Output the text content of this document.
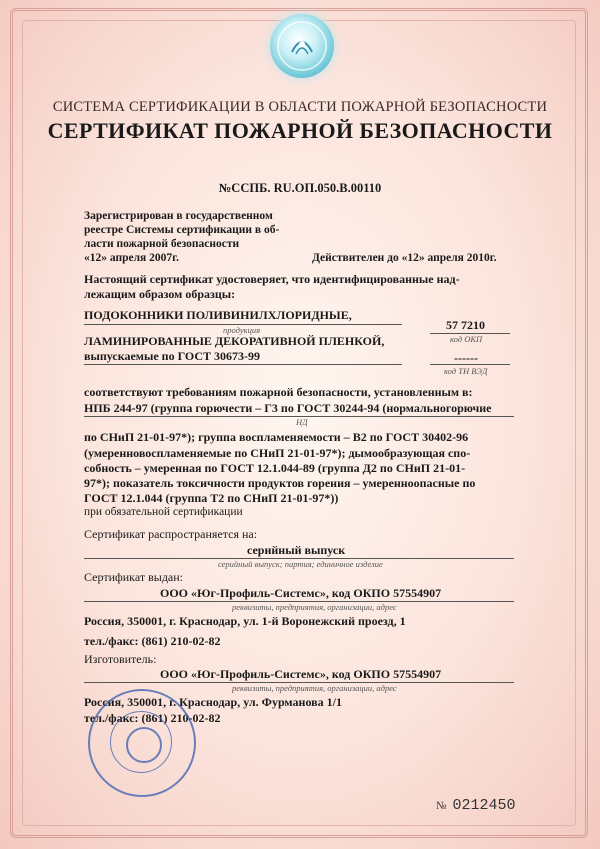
СИСТЕМА СЕРТИФИКАЦИИ В ОБЛАСТИ ПОЖАРНОЙ БЕЗОПАСНОСТИ
СЕРТИФИКАТ ПОЖАРНОЙ БЕЗОПАСНОСТИ
№ССПБ. RU.ОП.050.В.00110
Зарегистрирован в государственном
реестре Системы сертификации в об-
ласти пожарной безопасности
«12» апреля 2007г.	Действителен до «12» апреля 2010г.
Настоящий сертификат удостоверяет, что идентифицированные над-
лежащим образом образцы:
ПОДОКОННИКИ ПОЛИВИНИЛХЛОРИДНЫЕ,
продукция
ЛАМИНИРОВАННЫЕ ДЕКОРАТИВНОЙ ПЛЕНКОЙ,
выпускаемые по ГОСТ 30673-99
57 7210
код ОКП
------
код ТН ВЭД
соответствуют требованиям пожарной безопасности, установленным в:
НПБ 244-97 (группа горючести – Г3 по ГОСТ 30244-94 (нормальногорючие
НД
по СНиП 21-01-97*); группа воспламеняемости – В2 по ГОСТ 30402-96
(умеренновоспламеняемые по СНиП 21-01-97*); дымообразующая спо-
собность – умеренная по ГОСТ 12.1.044-89 (группа Д2 по СНиП 21-01-
97*); показатель токсичности продуктов горения – умеренноопасные по
ГОСТ 12.1.044 (группа Т2 по СНиП 21-01-97*))
при обязательной сертификации
Сертификат распространяется на:
серийный выпуск
серийный выпуск; партия; единичное изделие
Сертификат выдан:
ООО «Юг-Профиль-Системс», код ОКПО 57554907
реквизиты, предприятия, организации, адрес
Россия, 350001, г. Краснодар, ул. 1-й Воронежский проезд, 1
тел./факс: (861) 210-02-82
Изготовитель:
ООО «Юг-Профиль-Системс», код ОКПО 57554907
реквизиты, предприятия, организации, адрес
Россия, 350001, г. Краснодар, ул. Фурманова 1/1
тел./факс: (861) 210-02-82
№ 0212450
